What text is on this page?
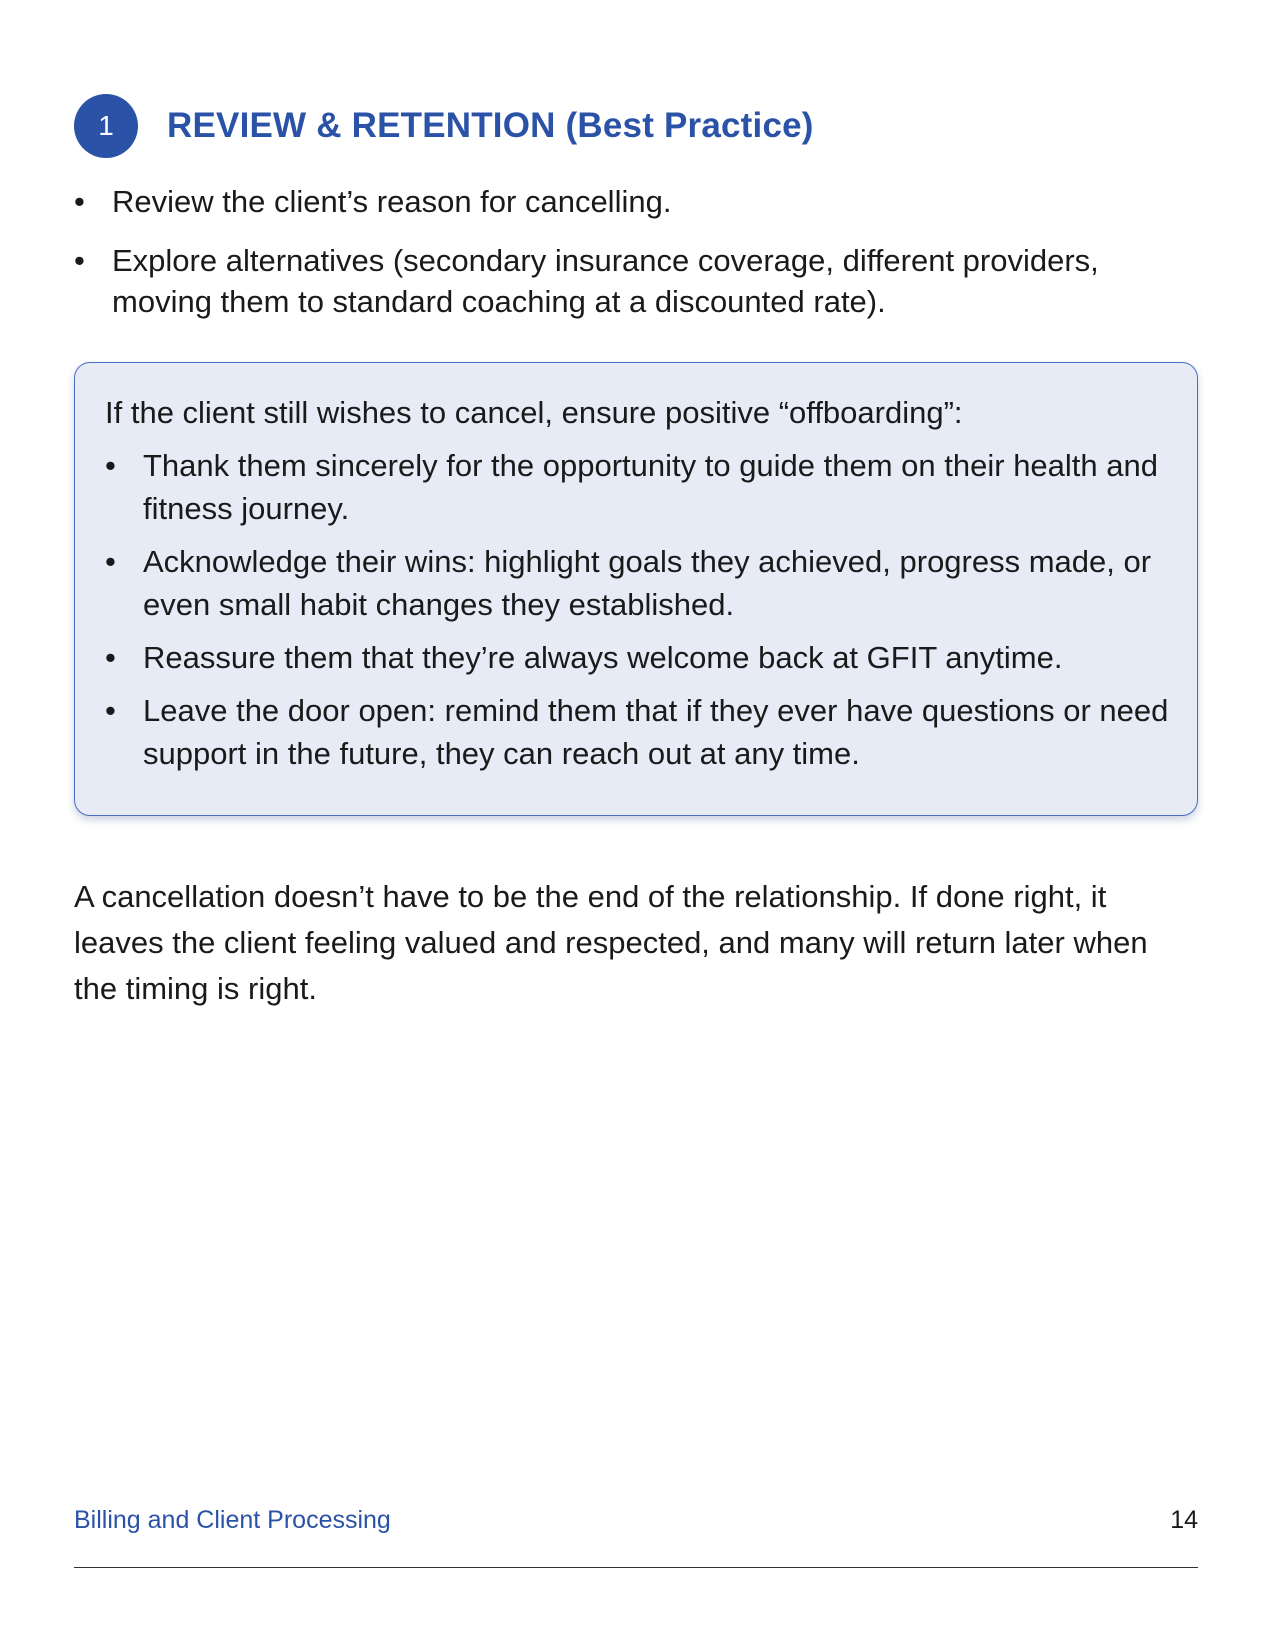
1	REVIEW & RETENTION (Best Practice)
• Review the client’s reason for cancelling.
• Explore alternatives (secondary insurance coverage, different providers, moving them to standard coaching at a discounted rate).

If the client still wishes to cancel, ensure positive “offboarding”:

• Thank them sincerely for the opportunity to guide them on their health and fitness journey.
• Acknowledge their wins: highlight goals they achieved, progress made, or even small habit changes they established.
• Reassure them that they’re always welcome back at GFIT anytime.
• Leave the door open: remind them that if they ever have questions or need support in the future, they can reach out at any time.

A cancellation doesn’t have to be the end of the relationship. If done right, it leaves the client feeling valued and respected, and many will return later when the timing is right.

Billing and Client Processing	14
